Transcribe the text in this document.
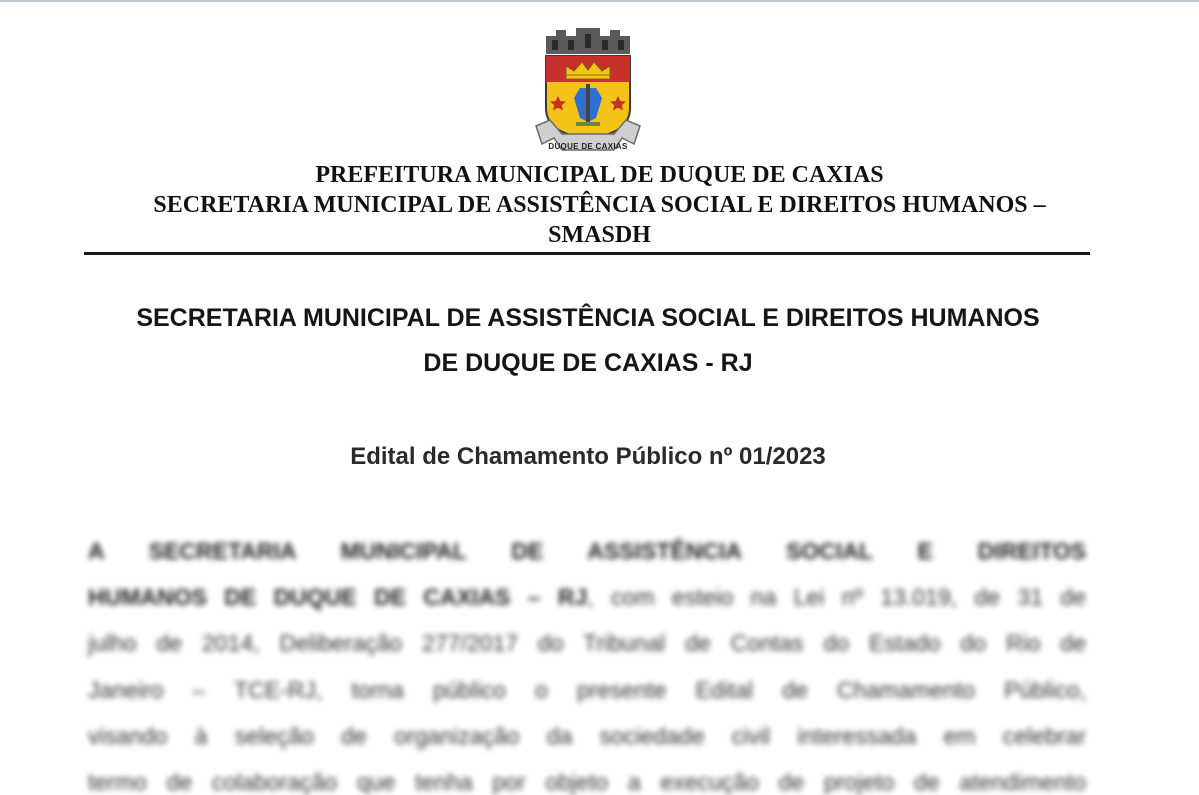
DUQUE DE CAXIAS
PREFEITURA MUNICIPAL DE DUQUE DE CAXIAS
SECRETARIA MUNICIPAL DE ASSISTÊNCIA SOCIAL E DIREITOS HUMANOS –
SMASDH
SECRETARIA MUNICIPAL DE ASSISTÊNCIA SOCIAL E DIREITOS HUMANOS
DE DUQUE DE CAXIAS - RJ
Edital de Chamamento Público nº 01/2023
A SECRETARIA MUNICIPAL DE ASSISTÊNCIA SOCIAL E DIREITOS
HUMANOS DE DUQUE DE CAXIAS – RJ, com esteio na Lei nº 13.019, de 31 de
julho de 2014, Deliberação 277/2017 do Tribunal de Contas do Estado do Rio de
Janeiro – TCE-RJ, torna público o presente Edital de Chamamento Público,
visando à seleção de organização da sociedade civil interessada em celebrar
termo de colaboração que tenha por objeto a execução de projeto de atendimento
